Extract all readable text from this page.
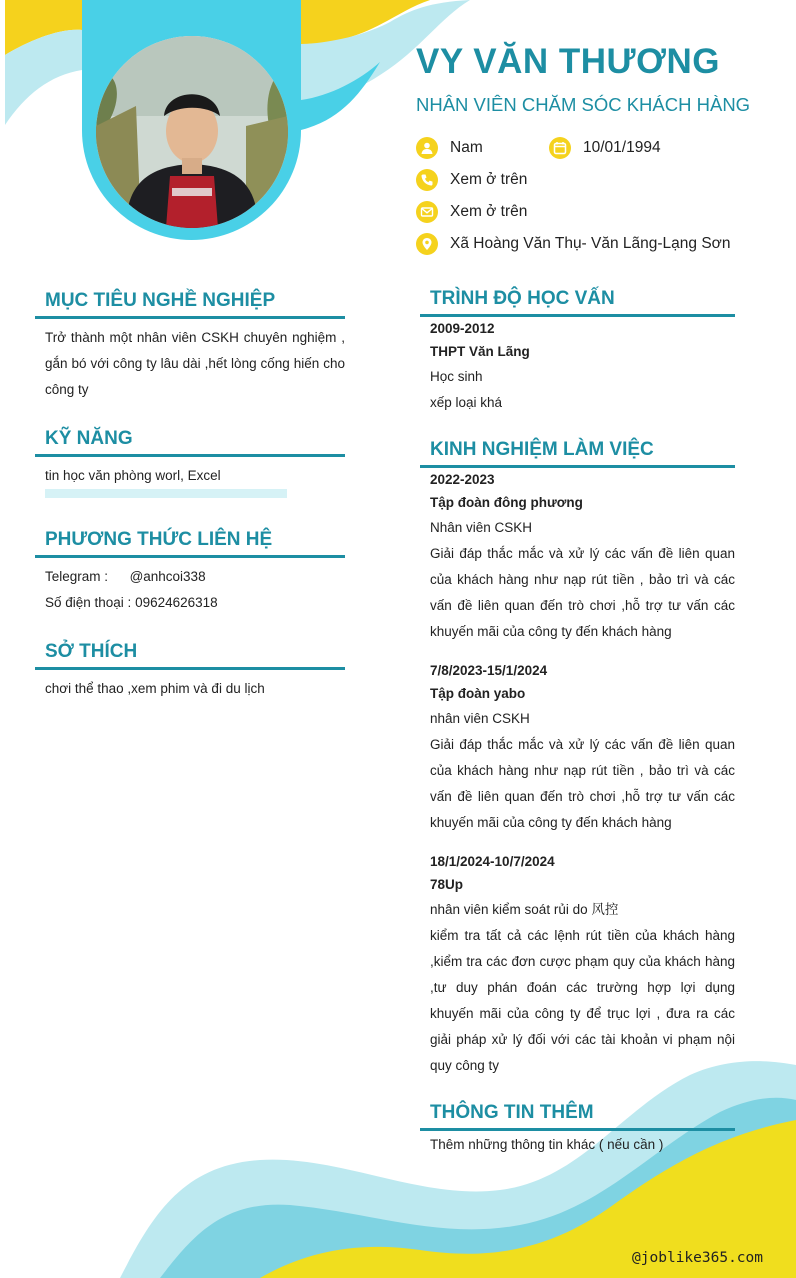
VY VĂN THƯƠNG
NHÂN VIÊN CHĂM SÓC KHÁCH HÀNG
Nam	10/01/1994
Xem ở trên
Xem ở trên
Xã Hoàng Văn Thụ- Văn Lãng-Lạng Sơn
MỤC TIÊU NGHỀ NGHIỆP
Trở thành một nhân viên CSKH chuyên nghiệm , gắn bó với công ty lâu dài ,hết lòng cống hiến cho công ty
KỸ NĂNG
tin học văn phòng worl, Excel
PHƯƠNG THỨC LIÊN HỆ
Telegram : @anhcoi338
Số điện thoại : 09624626318
SỞ THÍCH
chơi thể thao ,xem phim và đi du lịch
TRÌNH ĐỘ HỌC VẤN
2009-2012
THPT Văn Lãng
Học sinh
xếp loại khá
KINH NGHIỆM LÀM VIỆC
2022-2023
Tập đoàn đông phương
Nhân viên CSKH
Giải đáp thắc mắc và xử lý các vấn đề liên quan của khách hàng như nạp rút tiền , bảo trì và các vấn đề liên quan đến trò chơi ,hỗ trợ tư vấn các khuyến mãi của công ty đến khách hàng
7/8/2023-15/1/2024
Tập đoàn yabo
nhân viên CSKH
Giải đáp thắc mắc và xử lý các vấn đề liên quan của khách hàng như nạp rút tiền , bảo trì và các vấn đề liên quan đến trò chơi ,hỗ trợ tư vấn các khuyến mãi của công ty đến khách hàng
18/1/2024-10/7/2024
78Up
nhân viên kiểm soát rủi do 风控
kiểm tra tất cả các lệnh rút tiền của khách hàng ,kiểm tra các đơn cược phạm quy của khách hàng ,tư duy phán đoán các trường hợp lợi dụng khuyến mãi của công ty để trục lợi , đưa ra các giải pháp xử lý đối với các tài khoản vi phạm nội quy công ty
THÔNG TIN THÊM
Thêm những thông tin khác ( nếu cần )
@joblike365.com
